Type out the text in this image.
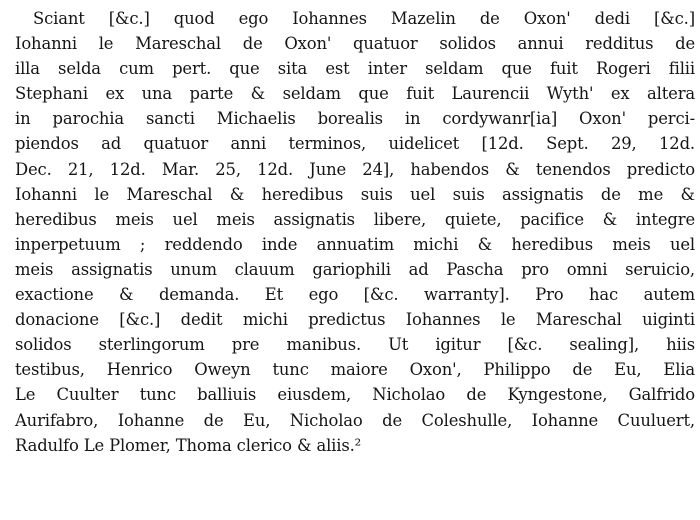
Sciant [&c.] quod ego Iohannes Mazelin de Oxon' dedi [&c.]
Iohanni le Mareschal de Oxon' quatuor solidos annui redditus de
illa selda cum pert. que sita est inter seldam que fuit Rogeri filii
Stephani ex una parte & seldam que fuit Laurencii Wyth' ex altera
in parochia sancti Michaelis borealis in cordywanr[ia] Oxon' perci-
piendos ad quatuor anni terminos, uidelicet [12d. Sept. 29, 12d.
Dec. 21, 12d. Mar. 25, 12d. June 24], habendos & tenendos predicto
Iohanni le Mareschal & heredibus suis uel suis assignatis de me &
heredibus meis uel meis assignatis libere, quiete, pacifice & integre
inperpetuum ; reddendo inde annuatim michi & heredibus meis uel
meis assignatis unum clauum gariophili ad Pascha pro omni seruicio,
exactione & demanda. Et ego [&c. warranty]. Pro hac autem
donacione [&c.] dedit michi predictus Iohannes le Mareschal uiginti
solidos sterlingorum pre manibus. Ut igitur [&c. sealing], hiis
testibus, Henrico Oweyn tunc maiore Oxon', Philippo de Eu, Elia
Le Cuulter tunc balliuis eiusdem, Nicholao de Kyngestone, Galfrido
Aurifabro, Iohanne de Eu, Nicholao de Coleshulle, Iohanne Cuuluert,
Radulfo Le Plomer, Thoma clerico & aliis.²
